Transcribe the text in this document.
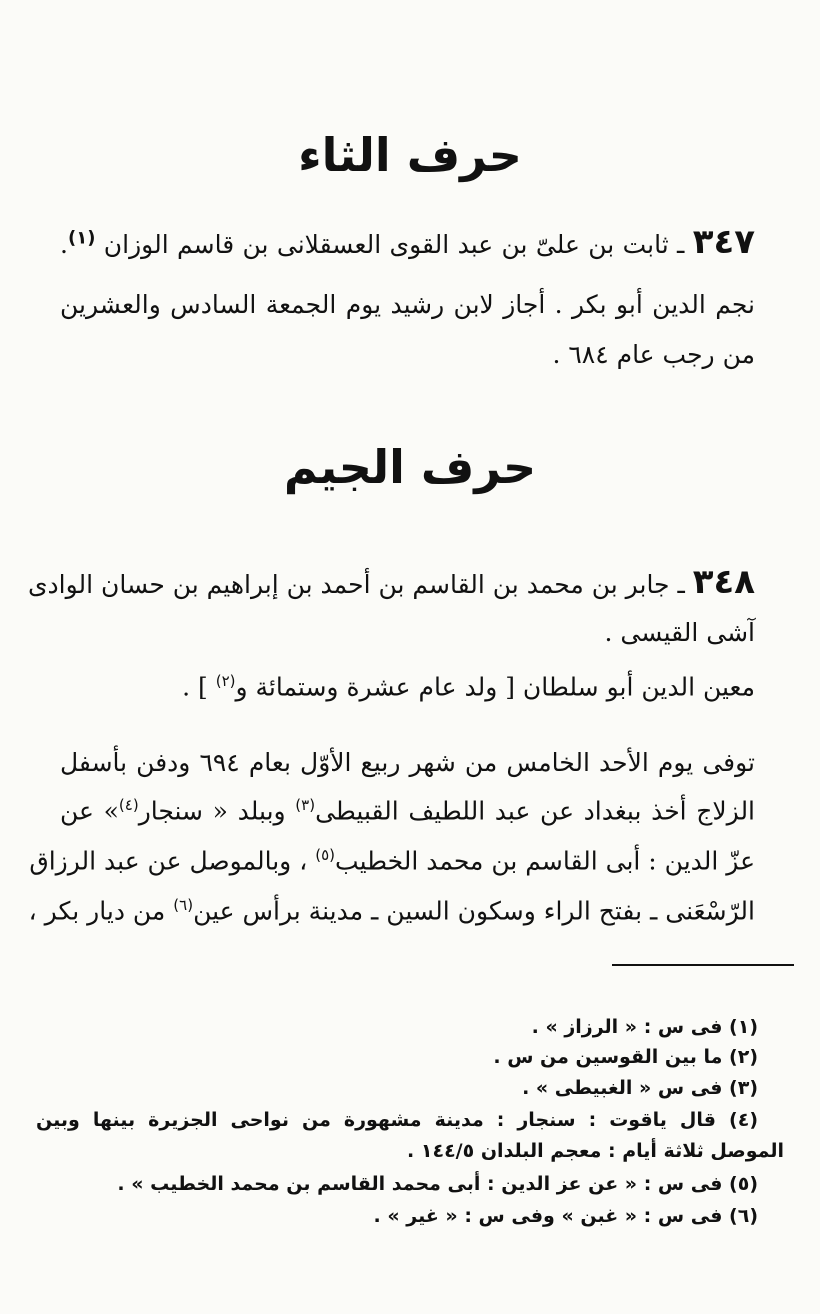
حرف الثاء
٣٤٧ ـ ثابت بن علىّ بن عبد القوى العسقلانى بن قاسم الوزان $^{(١)}$.
نجم الدين أبو بكر . أجاز لابن رشيد يوم الجمعة السادس والعشرين
من رجب عام ٦٨٤ .
حرف الجيم
٣٤٨ ـ جابر بن محمد بن القاسم بن أحمد بن إبراهيم بن حسان الوادى
آشى القيسى .
معين الدين أبو سلطان [ ولد عام عشرة وستمائة و$^{(٢)}$ ] .
توفى يوم الأحد الخامس من شهر ربيع الأوّل بعام ٦٩٤ ودفن بأسفل
الزلاج أخذ ببغداد عن عبد اللطيف القبيطى$^{(٣)}$ وببلد « سنجار$^{(٤)}$» عن
عزّ الدين : أبى القاسم بن محمد الخطيب$^{(٥)}$ ، وبالموصل عن عبد الرزاق
الرّسْعَنى ـ بفتح الراء وسكون السين ـ مدينة برأس عين$^{(٦)}$ من ديار بكر ،
(١) فى س : « الرزاز » .
(٢) ما بين القوسين من س .
(٣) فى س « الغبيطى » .
(٤) قال ياقوت : سنجار : مدينة مشهورة من نواحى الجزيرة بينها وبين
الموصل ثلاثة أيام : معجم البلدان ١٤٤/٥ .
(٥) فى س : « عن عز الدين : أبى محمد القاسم بن محمد الخطيب » .
(٦) فى س : « غبن » وفى س : « غير » .
